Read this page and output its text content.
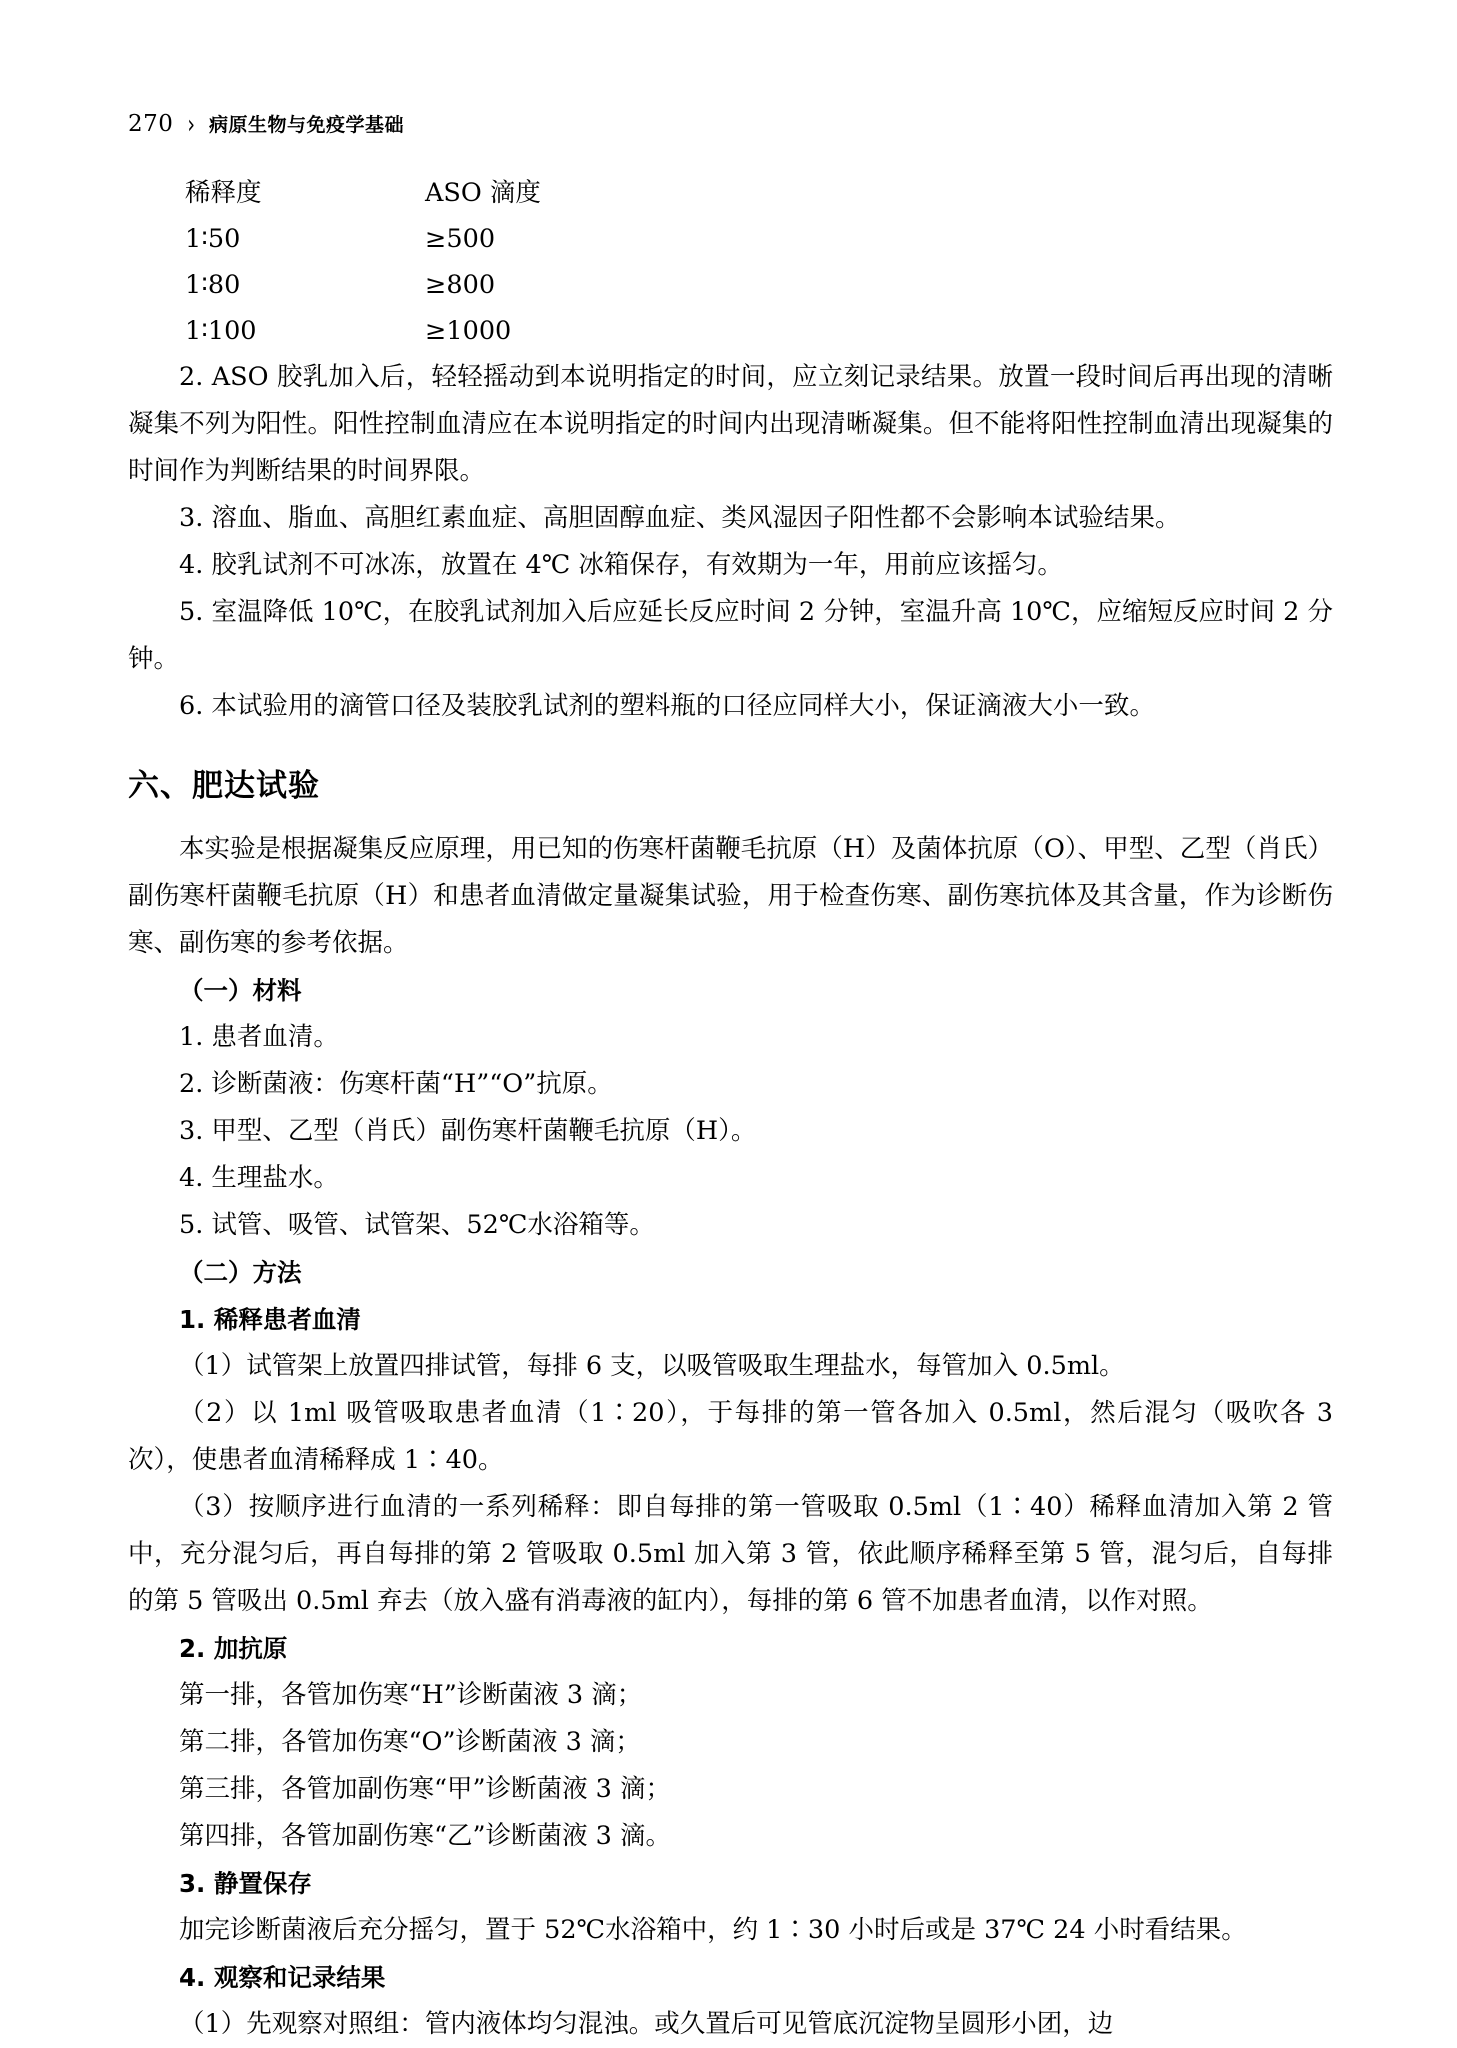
270 › 病原生物与免疫学基础
稀释度	ASO 滴度
1∶50	≥500
1∶80	≥800
1∶100	≥1000

2. ASO 胶乳加入后，轻轻摇动到本说明指定的时间，应立刻记录结果。放置一段时间后再出现的清晰凝集不列为阳性。阳性控制血清应在本说明指定的时间内出现清晰凝集。但不能将阳性控制血清出现凝集的时间作为判断结果的时间界限。

3. 溶血、脂血、高胆红素血症、高胆固醇血症、类风湿因子阳性都不会影响本试验结果。

4. 胶乳试剂不可冰冻，放置在 4℃ 冰箱保存，有效期为一年，用前应该摇匀。

5. 室温降低 10℃，在胶乳试剂加入后应延长反应时间 2 分钟，室温升高 10℃，应缩短反应时间 2 分钟。

6. 本试验用的滴管口径及装胶乳试剂的塑料瓶的口径应同样大小，保证滴液大小一致。

六、肥达试验

本实验是根据凝集反应原理，用已知的伤寒杆菌鞭毛抗原（H）及菌体抗原（O）、甲型、乙型（肖氏）副伤寒杆菌鞭毛抗原（H）和患者血清做定量凝集试验，用于检查伤寒、副伤寒抗体及其含量，作为诊断伤寒、副伤寒的参考依据。

（一）材料

1. 患者血清。

2. 诊断菌液：伤寒杆菌“H”“O”抗原。

3. 甲型、乙型（肖氏）副伤寒杆菌鞭毛抗原（H）。

4. 生理盐水。

5. 试管、吸管、试管架、52℃水浴箱等。

（二）方法

1. 稀释患者血清

（1）试管架上放置四排试管，每排 6 支，以吸管吸取生理盐水，每管加入 0.5ml。

（2）以 1ml 吸管吸取患者血清（1∶20），于每排的第一管各加入 0.5ml，然后混匀（吸吹各 3 次），使患者血清稀释成 1∶40。

（3）按顺序进行血清的一系列稀释：即自每排的第一管吸取 0.5ml（1∶40）稀释血清加入第 2 管中，充分混匀后，再自每排的第 2 管吸取 0.5ml 加入第 3 管，依此顺序稀释至第 5 管，混匀后，自每排的第 5 管吸出 0.5ml 弃去（放入盛有消毒液的缸内），每排的第 6 管不加患者血清，以作对照。

2. 加抗原

第一排，各管加伤寒“H”诊断菌液 3 滴；

第二排，各管加伤寒“O”诊断菌液 3 滴；

第三排，各管加副伤寒“甲”诊断菌液 3 滴；

第四排，各管加副伤寒“乙”诊断菌液 3 滴。

3. 静置保存

加完诊断菌液后充分摇匀，置于 52℃水浴箱中，约 1∶30 小时后或是 37℃ 24 小时看结果。

4. 观察和记录结果

（1）先观察对照组：管内液体均匀混浊。或久置后可见管底沉淀物呈圆形小团，边
